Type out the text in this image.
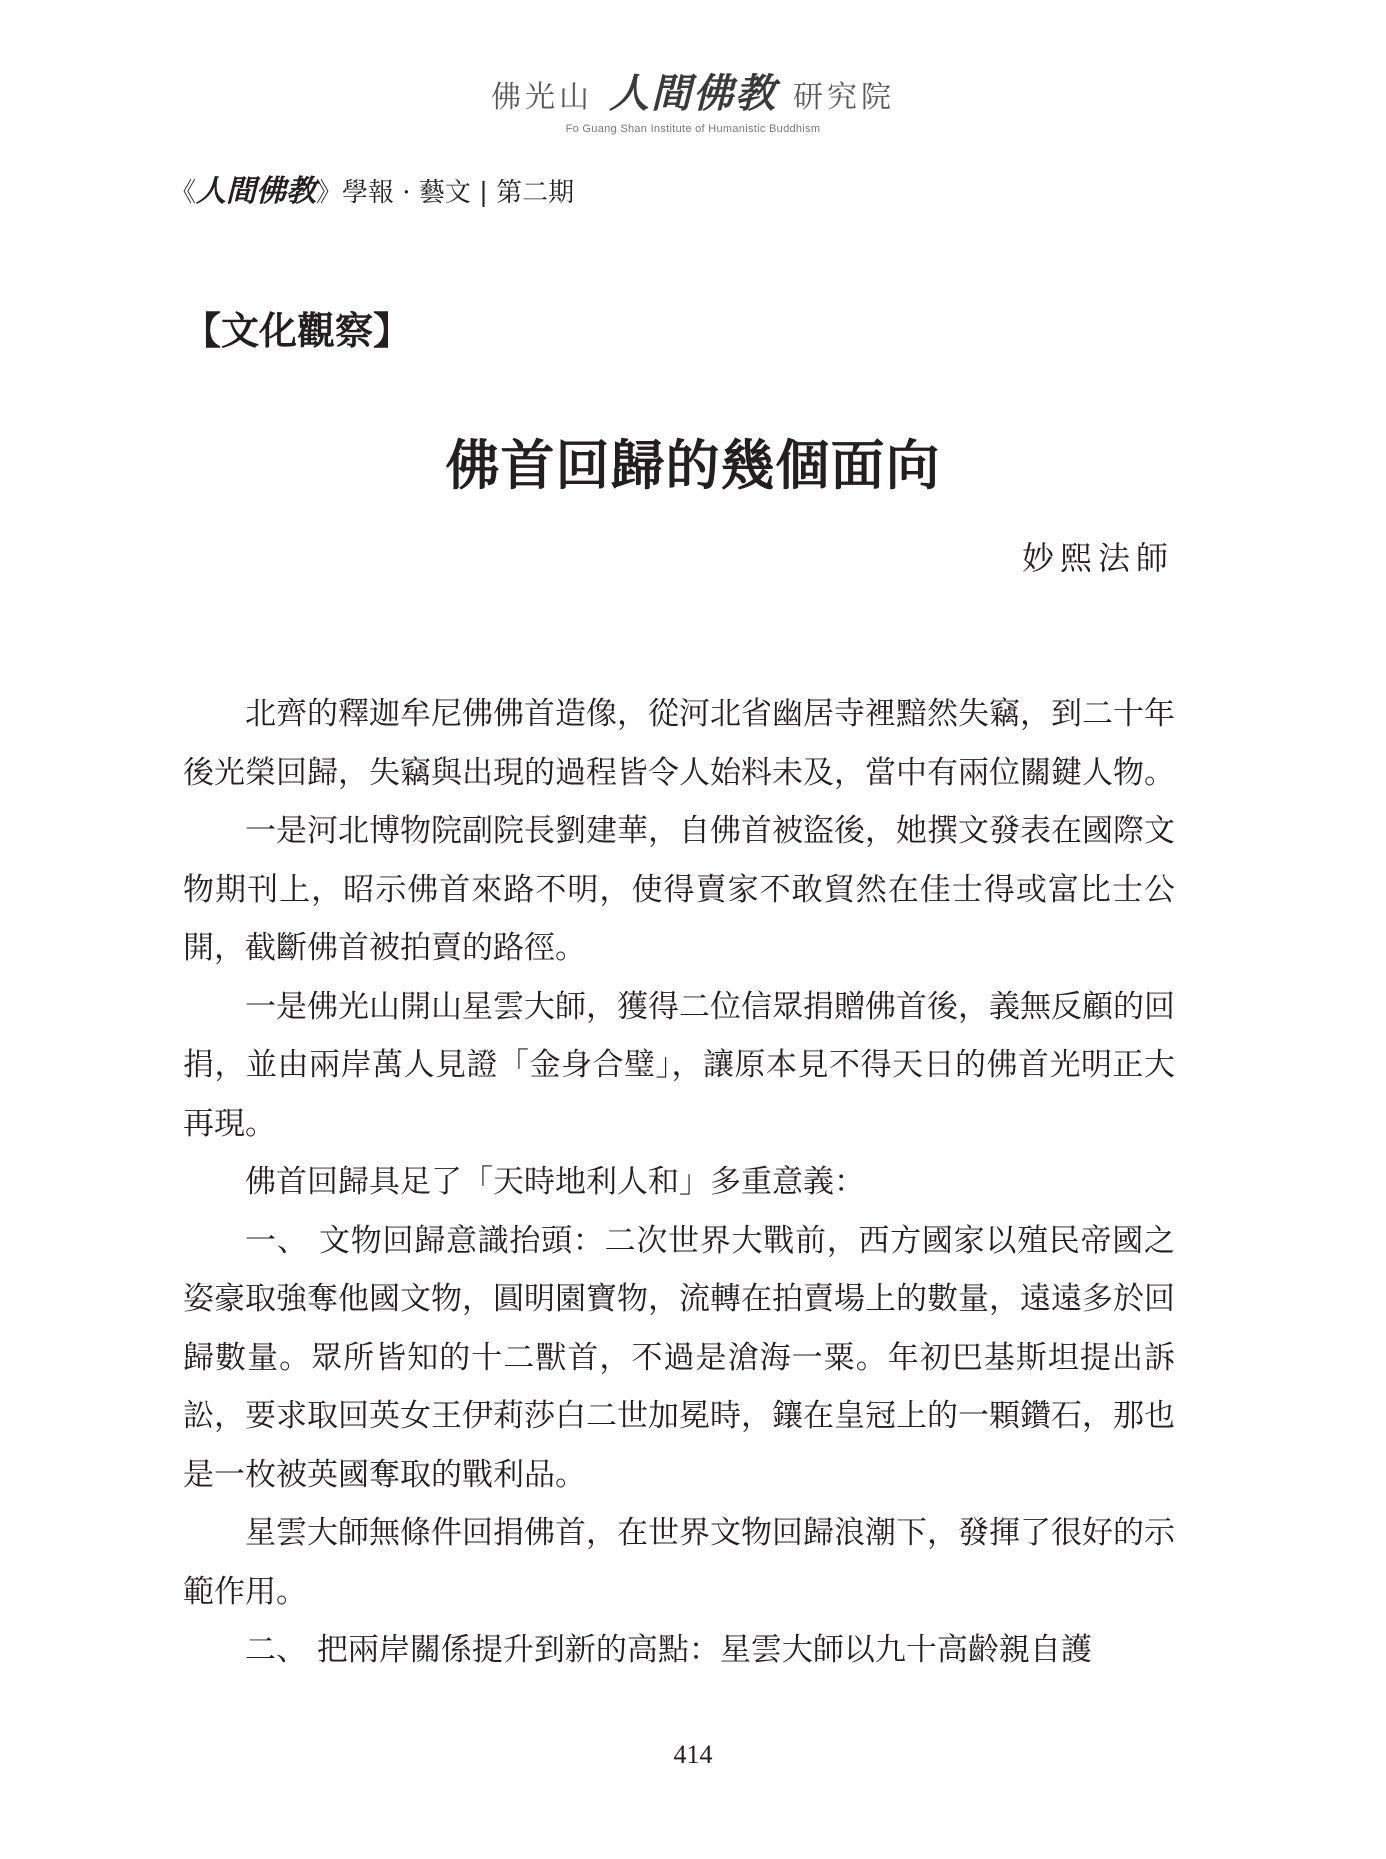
佛光山 人間佛教 研究院
Fo Guang Shan Institute of Humanistic Buddhism
《人間佛教》學報 · 藝文 | 第二期
【文化觀察】
佛首回歸的幾個面向
妙熙法師

北齊的釋迦牟尼佛佛首造像，從河北省幽居寺裡黯然失竊，到二十年後光榮回歸，失竊與出現的過程皆令人始料未及，當中有兩位關鍵人物。

一是河北博物院副院長劉建華，自佛首被盜後，她撰文發表在國際文物期刊上，昭示佛首來路不明，使得賣家不敢貿然在佳士得或富比士公開，截斷佛首被拍賣的路徑。

一是佛光山開山星雲大師，獲得二位信眾捐贈佛首後，義無反顧的回捐，並由兩岸萬人見證「金身合璧」，讓原本見不得天日的佛首光明正大再現。

佛首回歸具足了「天時地利人和」多重意義：

一、 文物回歸意識抬頭：二次世界大戰前，西方國家以殖民帝國之姿豪取強奪他國文物，圓明園寶物，流轉在拍賣場上的數量，遠遠多於回歸數量。眾所皆知的十二獸首，不過是滄海一粟。年初巴基斯坦提出訴訟，要求取回英女王伊莉莎白二世加冕時，鑲在皇冠上的一顆鑽石，那也是一枚被英國奪取的戰利品。

星雲大師無條件回捐佛首，在世界文物回歸浪潮下，發揮了很好的示範作用。

二、 把兩岸關係提升到新的高點：星雲大師以九十高齡親自護

414
